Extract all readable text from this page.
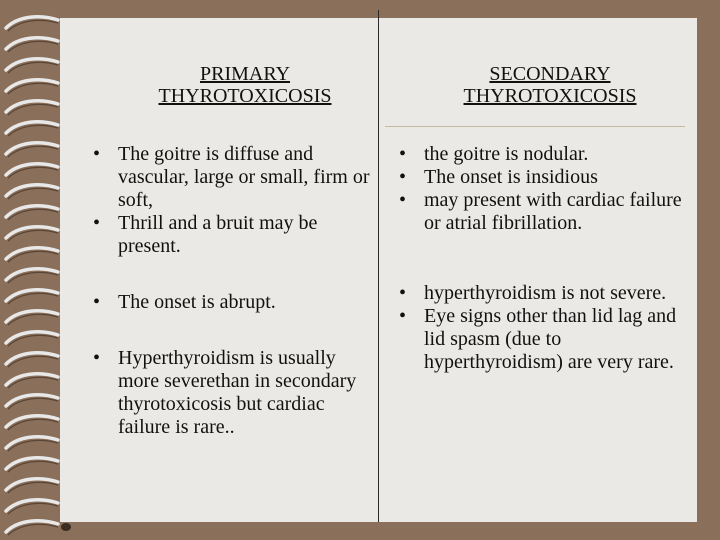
PRIMARY
THYROTOXICOSIS
SECONDARY
THYROTOXICOSIS
• The goitre is diffuse and vascular, large or small, firm or soft,
• Thrill and a bruit may be present.
• The onset is abrupt.
• Hyperthyroidism is usually more severethan in secondary thyrotoxicosis but cardiac failure is rare..
• the goitre is nodular.
• The onset is insidious
• may present with cardiac failure or atrial fibrillation.
• hyperthyroidism is not severe.
• Eye signs other than lid lag and lid spasm (due to hyperthyroidism) are very rare.
